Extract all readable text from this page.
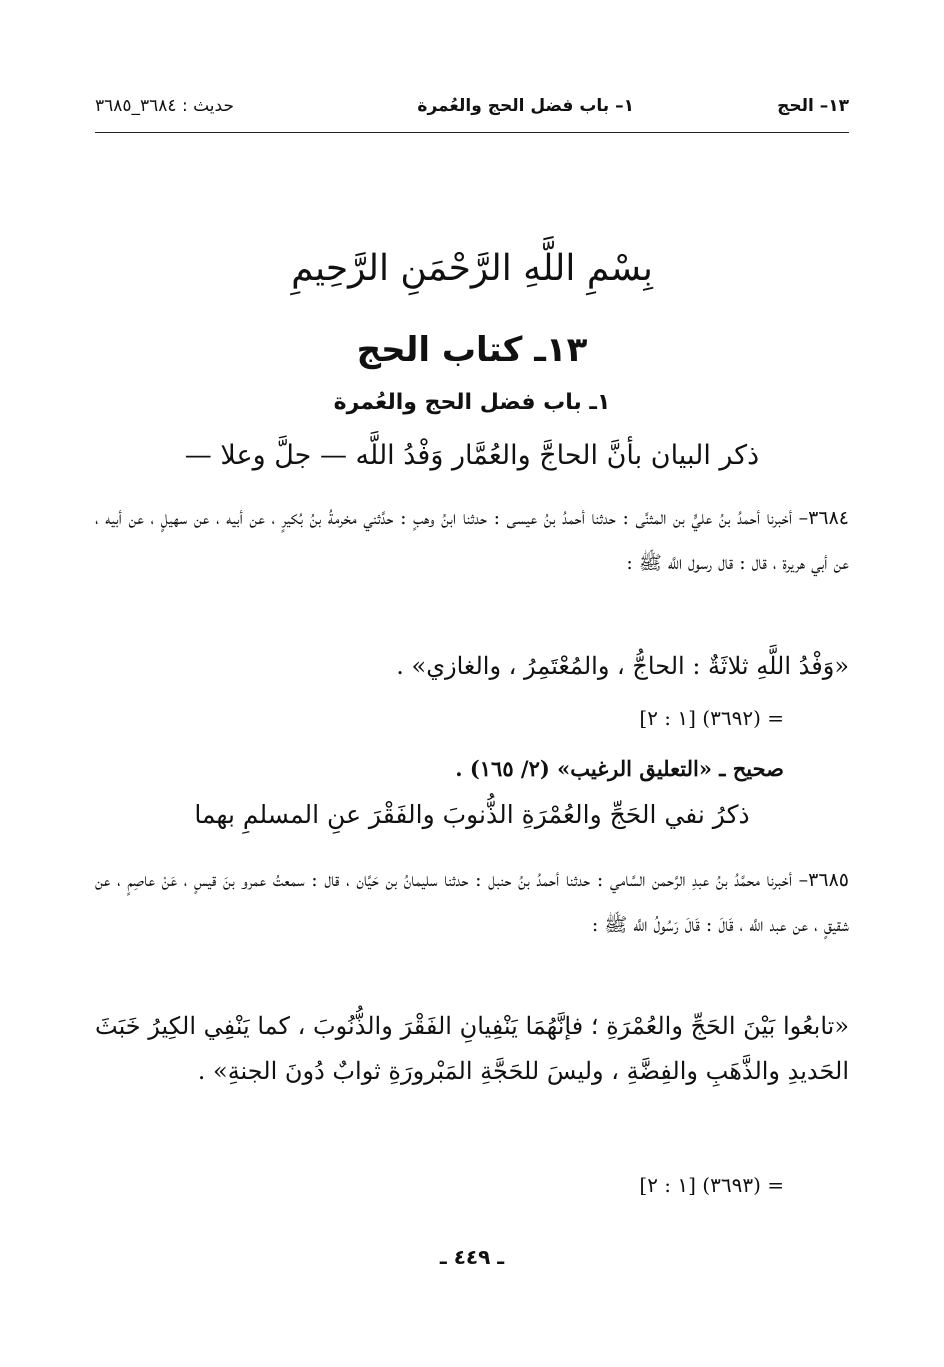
١٣– الحج
١– باب فضل الحج والعُمرة
حديث : ٣٦٨٤_٣٦٨٥
بِسْمِ اللَّهِ الرَّحْمَنِ الرَّحِيمِ
١٣ـ كتاب الحج
١ـ باب فضل الحج والعُمرة
ذكر البيان بأنَّ الحاجَّ والعُمَّار وَفْدُ اللَّه — جلَّ وعلا —
٣٦٨٤– أخبرنا أحمدُ بنُ عليٍّ بن المثنَّى : حدثنا أحمدُ بنُ عيسى : حدثنا ابنُ وهبٍ : حدَّثني مخرمةُ بنُ بُكيرٍ ، عن أبيه ، عن سهيلٍ ، عن أبيه ، عن أبي هريرة ، قال : قال رسول اللَّه ﷺ :
«وَفْدُ اللَّهِ ثلاثَةٌ : الحاجُّ ، والمُعْتَمِرُ ، والغازي» .
= (٣٦٩٢) [١ : ٢]
صحيح ـ «التعليق الرغيب» (٢/ ١٦٥) .
ذكرُ نفي الحَجِّ والعُمْرَةِ الذُّنوبَ والفَقْرَ عنِ المسلمِ بهما
٣٦٨٥– أخبرنا محمَّدُ بنُ عبدِ الرَّحمن السَّامي : حدثنا أحمدُ بنُ حنبل : حدثنا سليمانُ بن حَيَّان ، قال : سمعتُ عمرو بنَ قيسٍ ، عَنْ عاصِمٍ ، عن شقيقٍ ، عن عبد اللَّه ، قَالَ : قَالَ رَسُولُ اللَّه ﷺ :
«تابعُوا بَيْنَ الحَجِّ والعُمْرَةِ ؛ فإنَّهُمَا يَنْفِيانِ الفَقْرَ والذُّنُوبَ ، كما يَنْفِي الكِيرُ خَبَثَ الحَديدِ والذَّهَبِ والفِضَّةِ ، وليسَ للحَجَّةِ المَبْرورَةِ ثوابٌ دُونَ الجنةِ» .
= (٣٦٩٣) [١ : ٢]
ـ ٤٤٩ ـ
